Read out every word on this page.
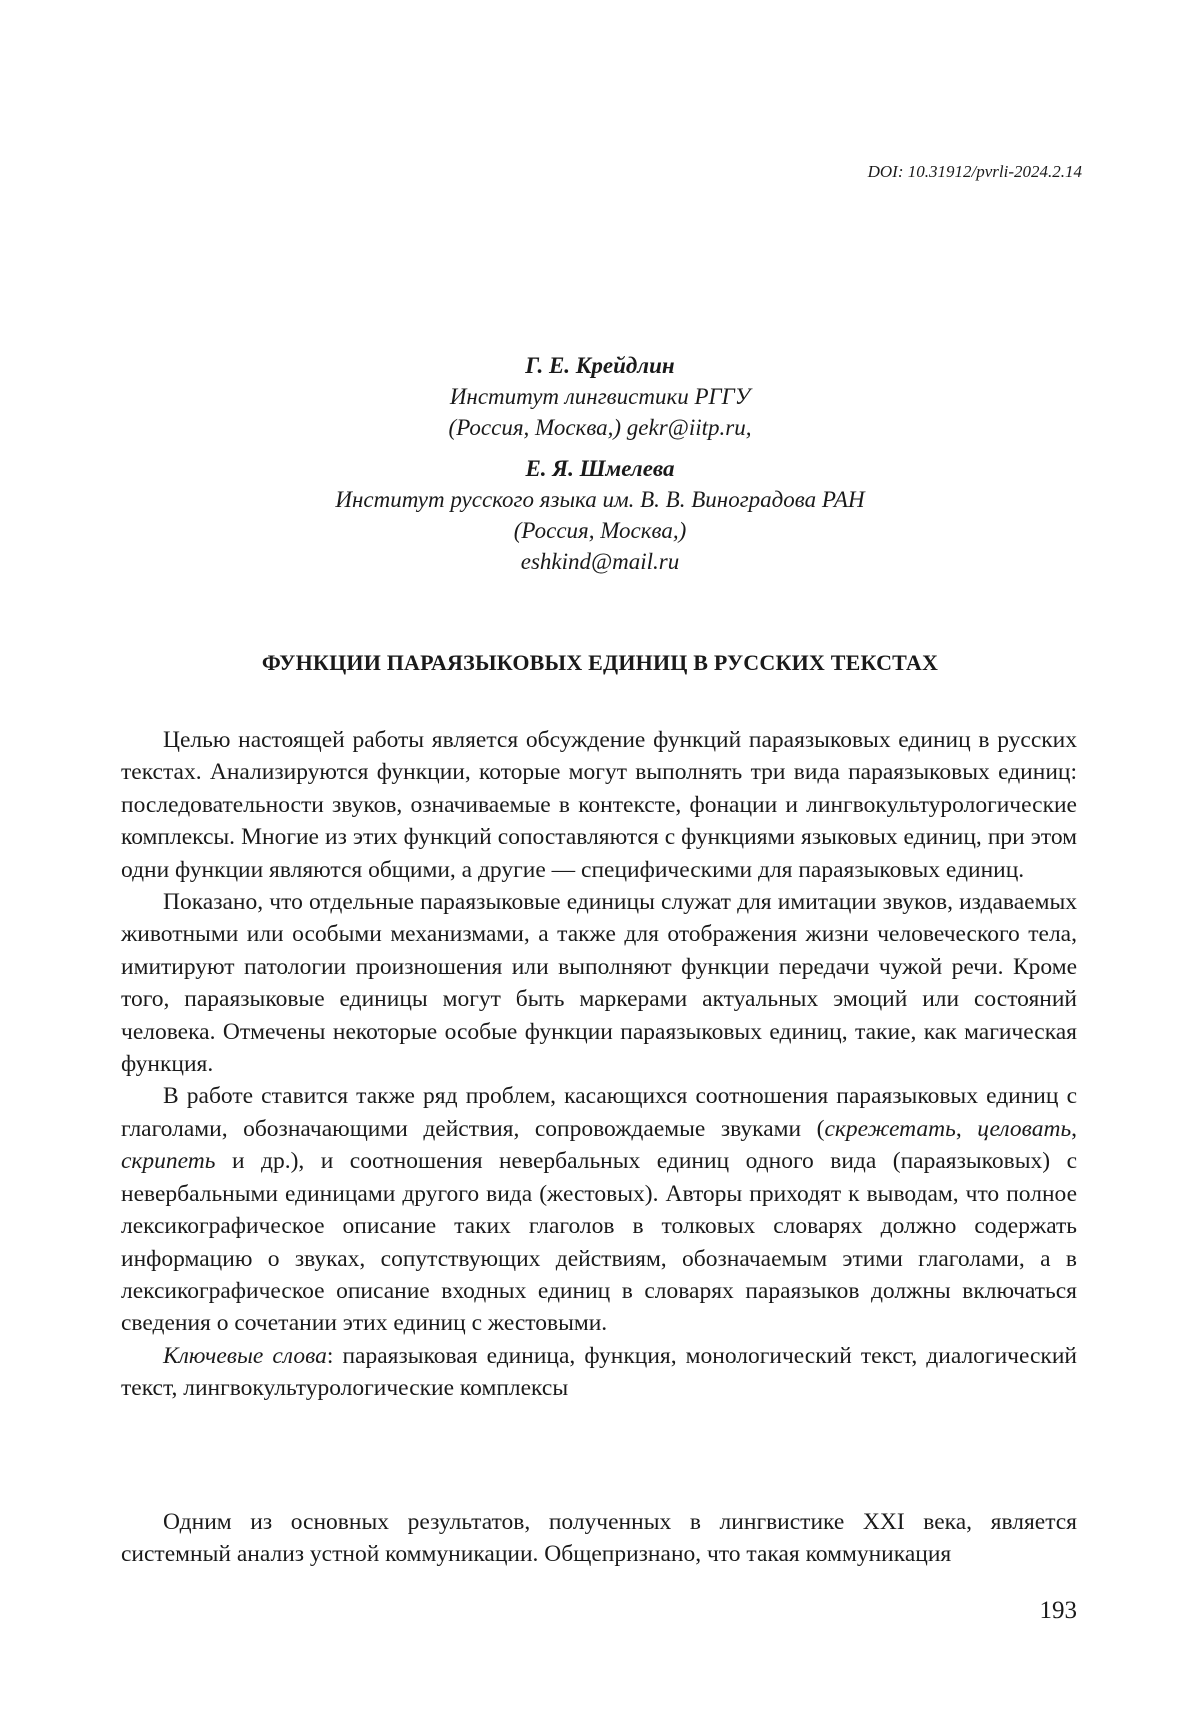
DOI: 10.31912/pvrli-2024.2.14
Г. Е. Крейдлин
Институт лингвистики РГГУ
(Россия, Москва,) gekr@iitp.ru,
Е. Я. Шмелева
Институт русского языка им. В. В. Виноградова РАН
(Россия, Москва,)
eshkind@mail.ru
ФУНКЦИИ ПАРАЯЗЫКОВЫХ ЕДИНИЦ В РУССКИХ ТЕКСТАХ

Целью настоящей работы является обсуждение функций параязыковых единиц в русских текстах. Анализируются функции, которые могут выполнять три вида параязыковых единиц: последовательности звуков, означиваемые в контексте, фонации и лингвокультурологические комплексы. Многие из этих функций сопоставляются с функциями языковых единиц, при этом одни функции являются общими, а другие — специфическими для параязыковых единиц.

Показано, что отдельные параязыковые единицы служат для имитации звуков, издаваемых животными или особыми механизмами, а также для отображения жизни человеческого тела, имитируют патологии произношения или выполняют функции передачи чужой речи. Кроме того, параязыковые единицы могут быть маркерами актуальных эмоций или состояний человека. Отмечены некоторые особые функции параязыковых единиц, такие, как магическая функция.

В работе ставится также ряд проблем, касающихся соотношения параязыковых единиц с глаголами, обозначающими действия, сопровождаемые звуками (скрежетать, целовать, скрипеть и др.), и соотношения невербальных единиц одного вида (параязыковых) с невербальными единицами другого вида (жестовых). Авторы приходят к выводам, что полное лексикографическое описание таких глаголов в толковых словарях должно содержать информацию о звуках, сопутствующих действиям, обозначаемым этими глаголами, а в лексикографическое описание входных единиц в словарях параязыков должны включаться сведения о сочетании этих единиц с жестовыми.

Ключевые слова: параязыковая единица, функция, монологический текст, диалогический текст, лингвокультурологические комплексы

Одним из основных результатов, полученных в лингвистике XXI века, является системный анализ устной коммуникации. Общепризнано, что такая коммуникация

193
